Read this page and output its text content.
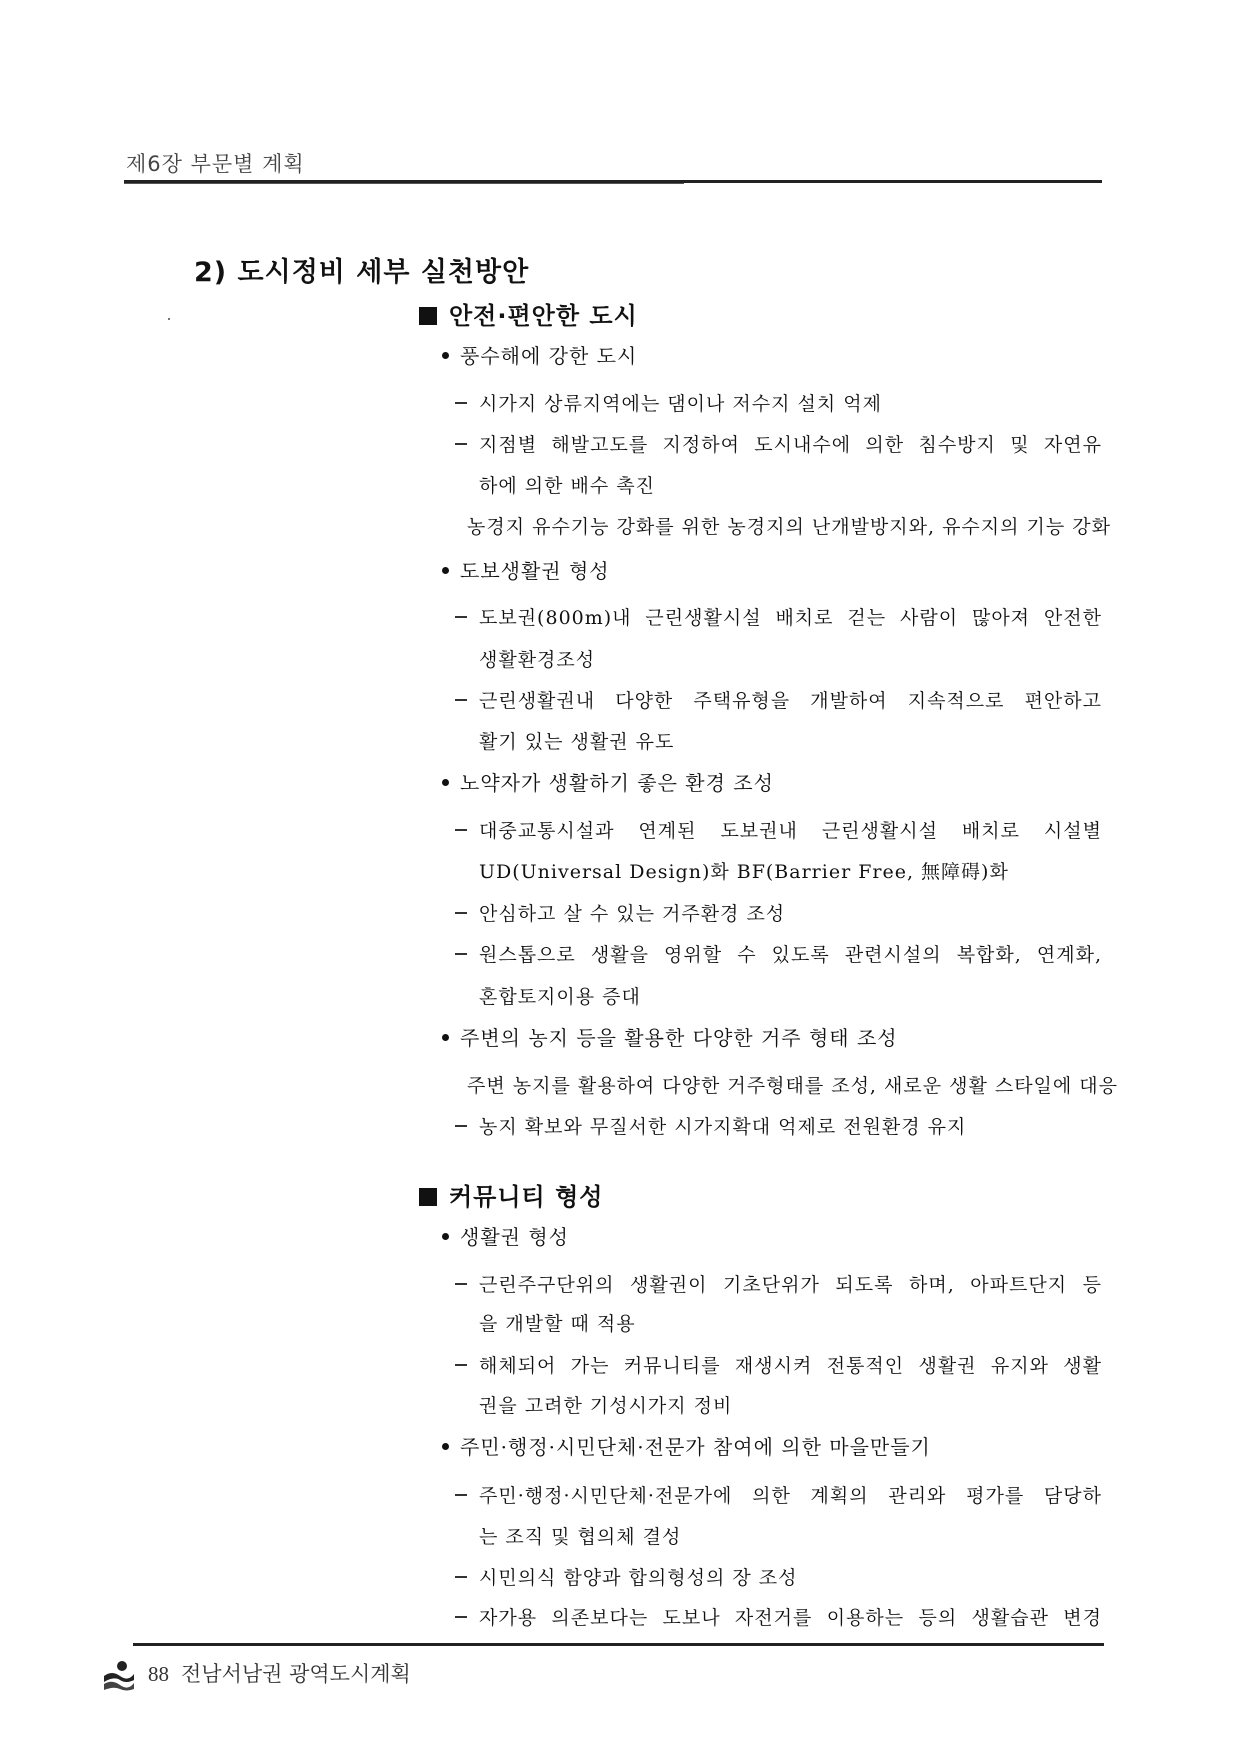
제6장 부문별 계획
2) 도시정비 세부 실천방안
안전·편안한 도시
풍수해에 강한 도시
시가지 상류지역에는 댐이나 저수지 설치 억제
지점별 해발고도를 지정하여 도시내수에 의한 침수방지 및 자연유
하에 의한 배수 촉진
농경지 유수기능 강화를 위한 농경지의 난개발방지와, 유수지의 기능 강화
도보생활권 형성
도보권(800m)내 근린생활시설 배치로 걷는 사람이 많아져 안전한
생활환경조성
근린생활권내 다양한 주택유형을 개발하여 지속적으로 편안하고
활기 있는 생활권 유도
노약자가 생활하기 좋은 환경 조성
대중교통시설과 연계된 도보권내 근린생활시설 배치로 시설별
UD(Universal Design)화 BF(Barrier Free, 無障碍)화
안심하고 살 수 있는 거주환경 조성
원스톱으로 생활을 영위할 수 있도록 관련시설의 복합화, 연계화,
혼합토지이용 증대
주변의 농지 등을 활용한 다양한 거주 형태 조성
주변 농지를 활용하여 다양한 거주형태를 조성, 새로운 생활 스타일에 대응
농지 확보와 무질서한 시가지확대 억제로 전원환경 유지
커뮤니티 형성
생활권 형성
근린주구단위의 생활권이 기초단위가 되도록 하며, 아파트단지 등
을 개발할 때 적용
해체되어 가는 커뮤니티를 재생시켜 전통적인 생활권 유지와 생활
권을 고려한 기성시가지 정비
주민·행정·시민단체·전문가 참여에 의한 마을만들기
주민·행정·시민단체·전문가에 의한 계획의 관리와 평가를 담당하
는 조직 및 협의체 결성
시민의식 함양과 합의형성의 장 조성
자가용 의존보다는 도보나 자전거를 이용하는 등의 생활습관 변경
88 전남서남권 광역도시계획
